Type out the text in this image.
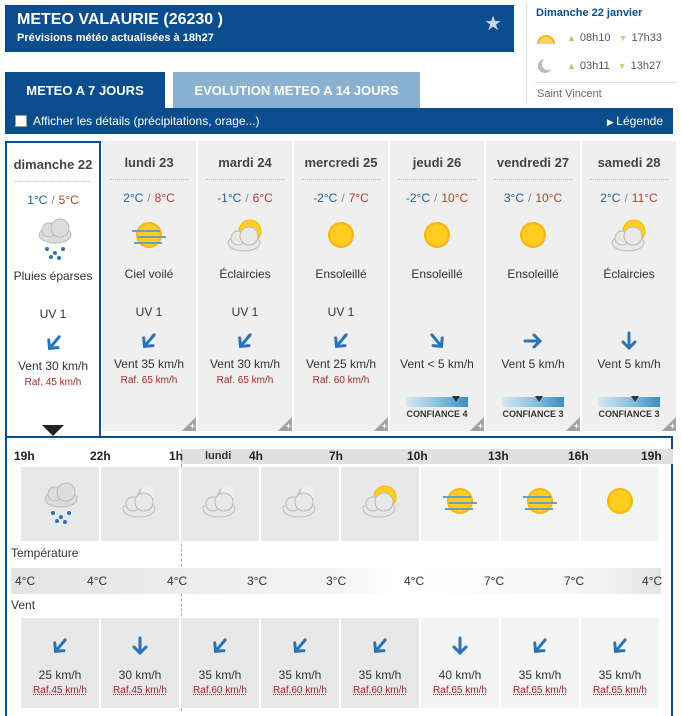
METEO VALAURIE (26230 )
Prévisions météo actualisées à 18h27
★	Dimanche 22 janvier
▲ 08h10 ▼ 17h33
▲ 03h11 ▼ 13h27
Saint Vincent
METEO A 7 JOURS	EVOLUTION METEO A 14 JOURS
Afficher les détails (précipitations, orage...)	▶ Légende
dimanche 22
1°C / 5°C
Pluies éparses
UV 1
Vent 30 km/h
Raf. 45 km/h
lundi 23
2°C / 8°C
Ciel voilé
UV 1
Vent 35 km/h
Raf. 65 km/h
+
mardi 24
-1°C / 6°C
Éclaircies
UV 1
Vent 30 km/h
Raf. 65 km/h
+
mercredi 25
-2°C / 7°C
Ensoleillé
UV 1
Vent 25 km/h
Raf. 60 km/h
+
jeudi 26
-2°C / 10°C
Ensoleillé
Vent < 5 km/h
CONFIANCE 4
+
vendredi 27
3°C / 10°C
Ensoleillé
Vent 5 km/h
CONFIANCE 3
+
samedi 28
2°C / 11°C
Éclaircies
Vent 5 km/h
CONFIANCE 3
+
lundi
19h	22h	1h	4h	7h	10h	13h	16h	19h
Température
4°C	4°C	4°C	3°C	3°C	4°C	7°C	7°C	4°C
Vent
25 km/h
Raf.45 km/h
30 km/h
Raf.45 km/h
35 km/h
Raf.60 km/h
35 km/h
Raf.60 km/h
35 km/h
Raf.60 km/h
40 km/h
Raf.65 km/h
35 km/h
Raf.65 km/h
35 km/h
Raf.65 km/h
